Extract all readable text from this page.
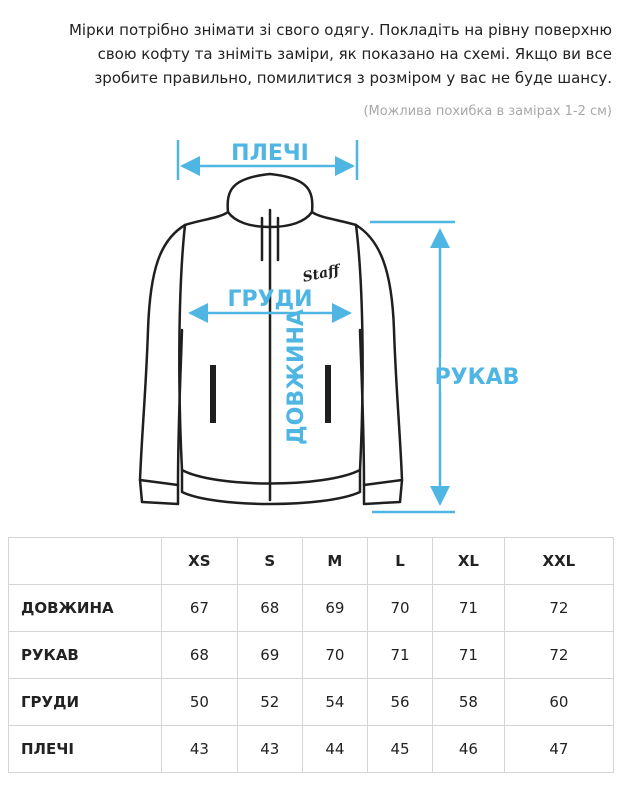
Мірки потрібно знімати зі свого одягу. Покладіть на рівну поверхню
свою кофту та зніміть заміри, як показано на схемі. Якщо ви все
зробите правильно, помилитися з розміром у вас не буде шансу.
(Можлива похибка в замірах 1-2 см)
Staff
ПЛЕЧІ
ГРУДИ
ДОВЖИНА	РУКАВ
	XS	S	M	L	XL	XXL
ДОВЖИНА	67	68	69	70	71	72
РУКАВ	68	69	70	71	71	72
ГРУДИ	50	52	54	56	58	60
ПЛЕЧІ	43	43	44	45	46	47
